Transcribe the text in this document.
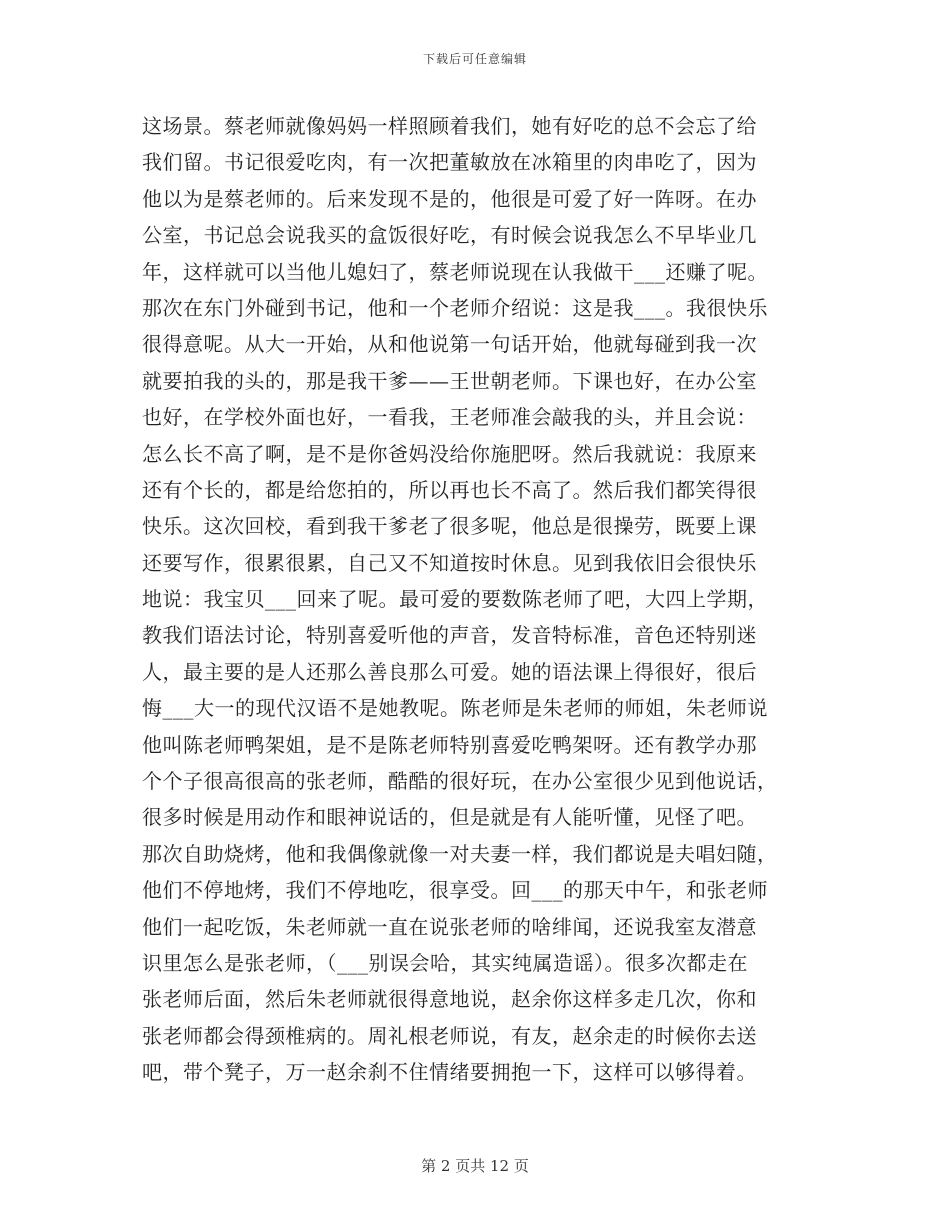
下载后可任意编辑
这场景。蔡老师就像妈妈一样照顾着我们，她有好吃的总不会忘了给
我们留。书记很爱吃肉，有一次把董敏放在冰箱里的肉串吃了，因为
他以为是蔡老师的。后来发现不是的，他很是可爱了好一阵呀。在办
公室，书记总会说我买的盒饭很好吃，有时候会说我怎么不早毕业几
年，这样就可以当他儿媳妇了，蔡老师说现在认我做干___还赚了呢。
那次在东门外碰到书记，他和一个老师介绍说：这是我___。我很快乐
很得意呢。从大一开始，从和他说第一句话开始，他就每碰到我一次
就要拍我的头的，那是我干爹——王世朝老师。下课也好，在办公室
也好，在学校外面也好，一看我，王老师准会敲我的头，并且会说：
怎么长不高了啊，是不是你爸妈没给你施肥呀。然后我就说：我原来
还有个长的，都是给您拍的，所以再也长不高了。然后我们都笑得很
快乐。这次回校，看到我干爹老了很多呢，他总是很操劳，既要上课
还要写作，很累很累，自己又不知道按时休息。见到我依旧会很快乐
地说：我宝贝___回来了呢。最可爱的要数陈老师了吧，大四上学期，
教我们语法讨论，特别喜爱听他的声音，发音特标准，音色还特别迷
人，最主要的是人还那么善良那么可爱。她的语法课上得很好，很后
悔___大一的现代汉语不是她教呢。陈老师是朱老师的师姐，朱老师说
他叫陈老师鸭架姐，是不是陈老师特别喜爱吃鸭架呀。还有教学办那
个个子很高很高的张老师，酷酷的很好玩，在办公室很少见到他说话，
很多时候是用动作和眼神说话的，但是就是有人能听懂，见怪了吧。
那次自助烧烤，他和我偶像就像一对夫妻一样，我们都说是夫唱妇随，
他们不停地烤，我们不停地吃，很享受。回___的那天中午，和张老师
他们一起吃饭，朱老师就一直在说张老师的啥绯闻，还说我室友潜意
识里怎么是张老师，（___别误会哈，其实纯属造谣）。很多次都走在
张老师后面，然后朱老师就很得意地说，赵余你这样多走几次，你和
张老师都会得颈椎病的。周礼根老师说，有友，赵余走的时候你去送
吧，带个凳子，万一赵余刹不住情绪要拥抱一下，这样可以够得着。
第 2 页共 12 页
